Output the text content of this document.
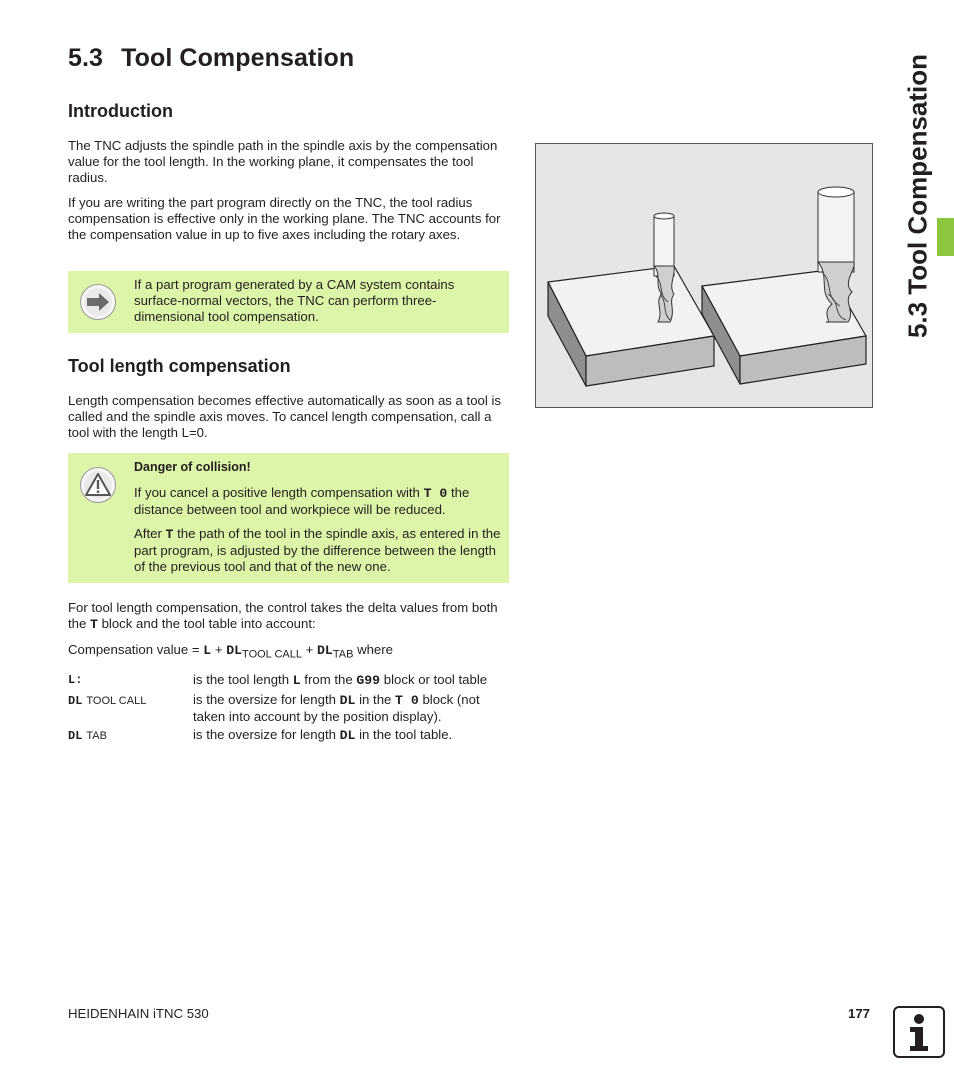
5.3 Tool Compensation
Introduction

The TNC adjusts the spindle path in the spindle axis by the compensation value for the tool length. In the working plane, it compensates the tool radius.

If you are writing the part program directly on the TNC, the tool radius compensation is effective only in the working plane. The TNC accounts for the compensation value in up to five axes including the rotary axes.

If a part program generated by a CAM system contains surface-normal vectors, the TNC can perform three-dimensional tool compensation.

Tool length compensation

Length compensation becomes effective automatically as soon as a tool is called and the spindle axis moves. To cancel length compensation, call a tool with the length L=0.

Danger of collision!

If you cancel a positive length compensation with T 0 the distance between tool and workpiece will be reduced.

After T the path of the tool in the spindle axis, as entered in the part program, is adjusted by the difference between the length of the previous tool and that of the new one.

For tool length compensation, the control takes the delta values from both the T block and the tool table into account:

Compensation value = $L + DL_{TOOL CALL} + DL_{TAB}$ where

L:	is the tool length L from the G99 block or tool table

DL TOOL CALL	is the oversize for length DL in the T 0 block (not taken into account by the position display).

DL TAB	is the oversize for length DL in the tool table.

5.3 Tool Compensation
HEIDENHAIN iTNC 530	177
